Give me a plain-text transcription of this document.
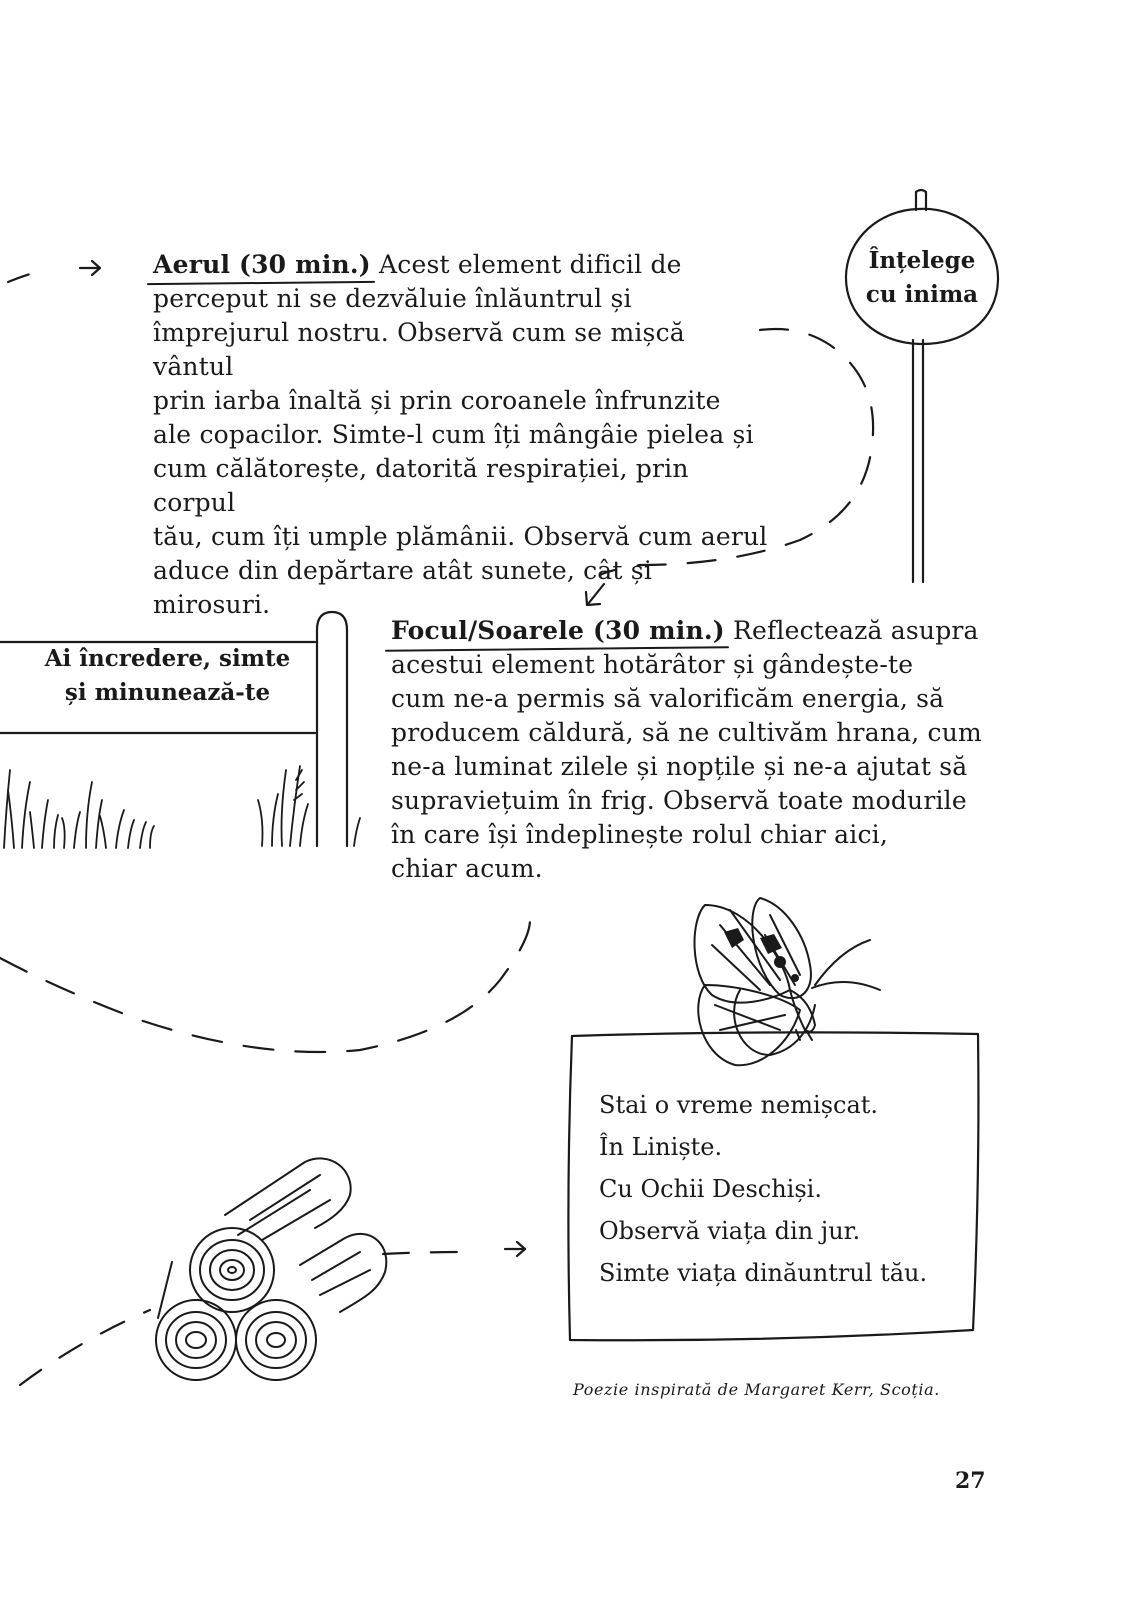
Înțelege
cu inima
Ai încredere, simte
și minunează-te
Aerul (30 min.) Acest element dificil de
perceput ni se dezvăluie înlăuntrul și
împrejurul nostru. Observă cum se mișcă vântul
prin iarba înaltă și prin coroanele înfrunzite
ale copacilor. Simte-l cum îți mângâie pielea și
cum călătorește, datorită respirației, prin corpul
tău, cum îți umple plămânii. Observă cum aerul
aduce din depărtare atât sunete, cât și mirosuri.
Focul/Soarele (30 min.) Reflectează asupra
acestui element hotărâtor și gândește-te
cum ne-a permis să valorificăm energia, să
producem căldură, să ne cultivăm hrana, cum
ne-a luminat zilele și nopțile și ne-a ajutat să
supraviețuim în frig. Observă toate modurile
în care își îndeplinește rolul chiar aici,
chiar acum.
Stai o vreme nemișcat.
În Liniște.
Cu Ochii Deschiși.
Observă viața din jur.
Simte viața dinăuntrul tău.
Poezie inspirată de Margaret Kerr, Scoția.
27
